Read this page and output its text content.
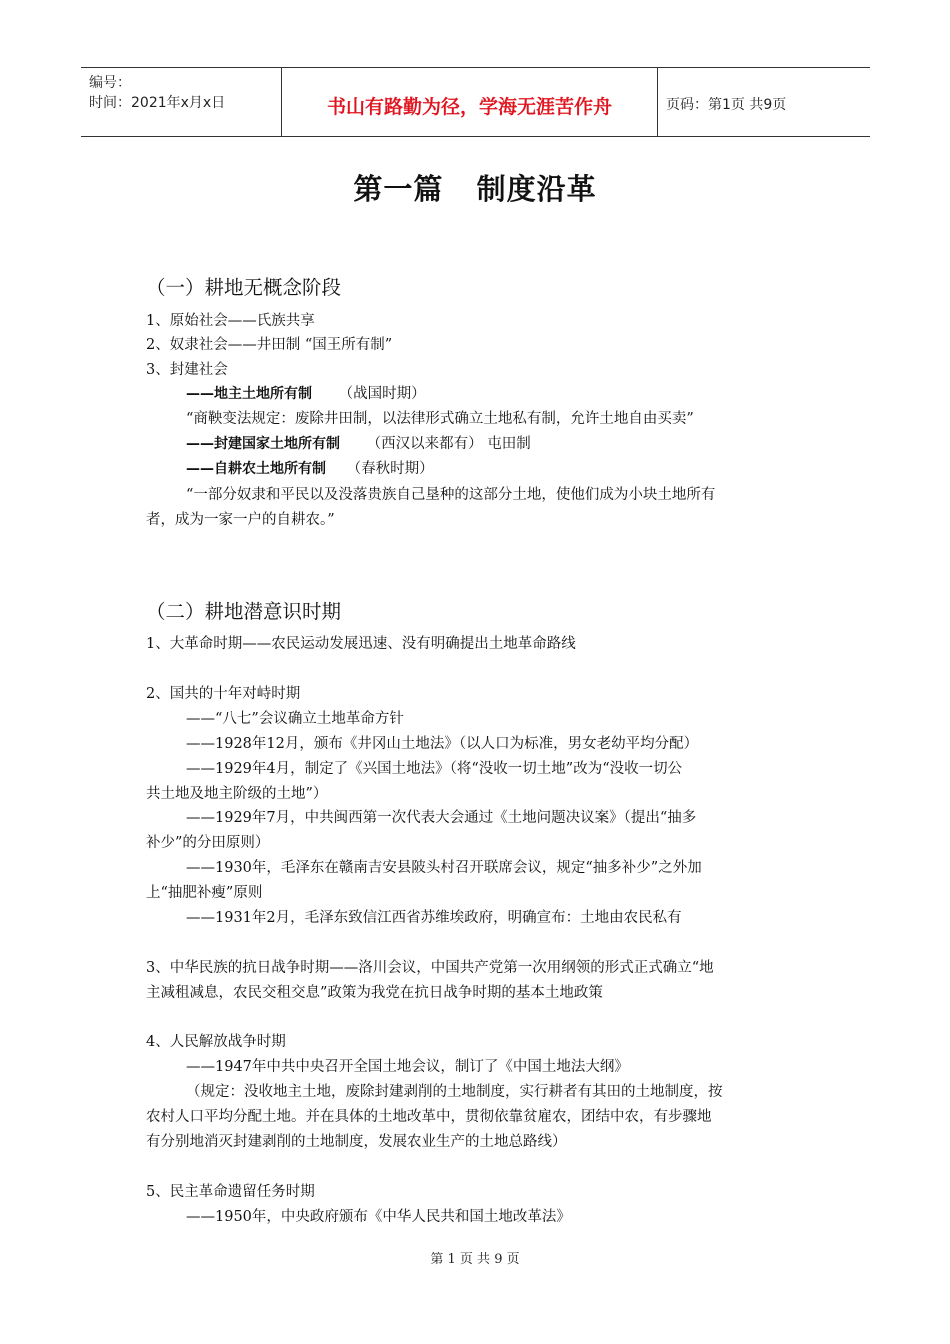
编号：
时间：2021年x月x日	书山有路勤为径，学海无涯苦作舟	页码：第1页 共9页
第一篇   制度沿革
（一）耕地无概念阶段
1、原始社会——氏族共享
2、奴隶社会——井田制 “国王所有制”
3、封建社会
——地主土地所有制 （战国时期）
“商鞅变法规定：废除井田制，以法律形式确立土地私有制，允许土地自由买卖”
——封建国家土地所有制 （西汉以来都有） 屯田制
——自耕农土地所有制 （春秋时期）
“一部分奴隶和平民以及没落贵族自己垦种的这部分土地，使他们成为小块土地所有
者，成为一家一户的自耕农。”
（二）耕地潜意识时期
1、大革命时期——农民运动发展迅速、没有明确提出土地革命路线
2、国共的十年对峙时期
——“八七”会议确立土地革命方针
——1928年12月，颁布《井冈山土地法》（以人口为标准，男女老幼平均分配）
——1929年4月，制定了《兴国土地法》（将“没收一切土地”改为“没收一切公
共土地及地主阶级的土地”）
——1929年7月，中共闽西第一次代表大会通过《土地问题决议案》（提出“抽多
补少”的分田原则）
——1930年，毛泽东在赣南吉安县陂头村召开联席会议，规定“抽多补少”之外加
上“抽肥补瘦”原则
——1931年2月，毛泽东致信江西省苏维埃政府，明确宣布：土地由农民私有
3、中华民族的抗日战争时期——洛川会议，中国共产党第一次用纲领的形式正式确立“地
主减租减息，农民交租交息”政策为我党在抗日战争时期的基本土地政策
4、人民解放战争时期
——1947年中共中央召开全国土地会议，制订了《中国土地法大纲》
（规定：没收地主土地，废除封建剥削的土地制度，实行耕者有其田的土地制度，按
农村人口平均分配土地。并在具体的土地改革中，贯彻依靠贫雇农，团结中农，有步骤地
有分别地消灭封建剥削的土地制度，发展农业生产的土地总路线）
5、民主革命遗留任务时期
——1950年，中央政府颁布《中华人民共和国土地改革法》
第 1 页 共 9 页
